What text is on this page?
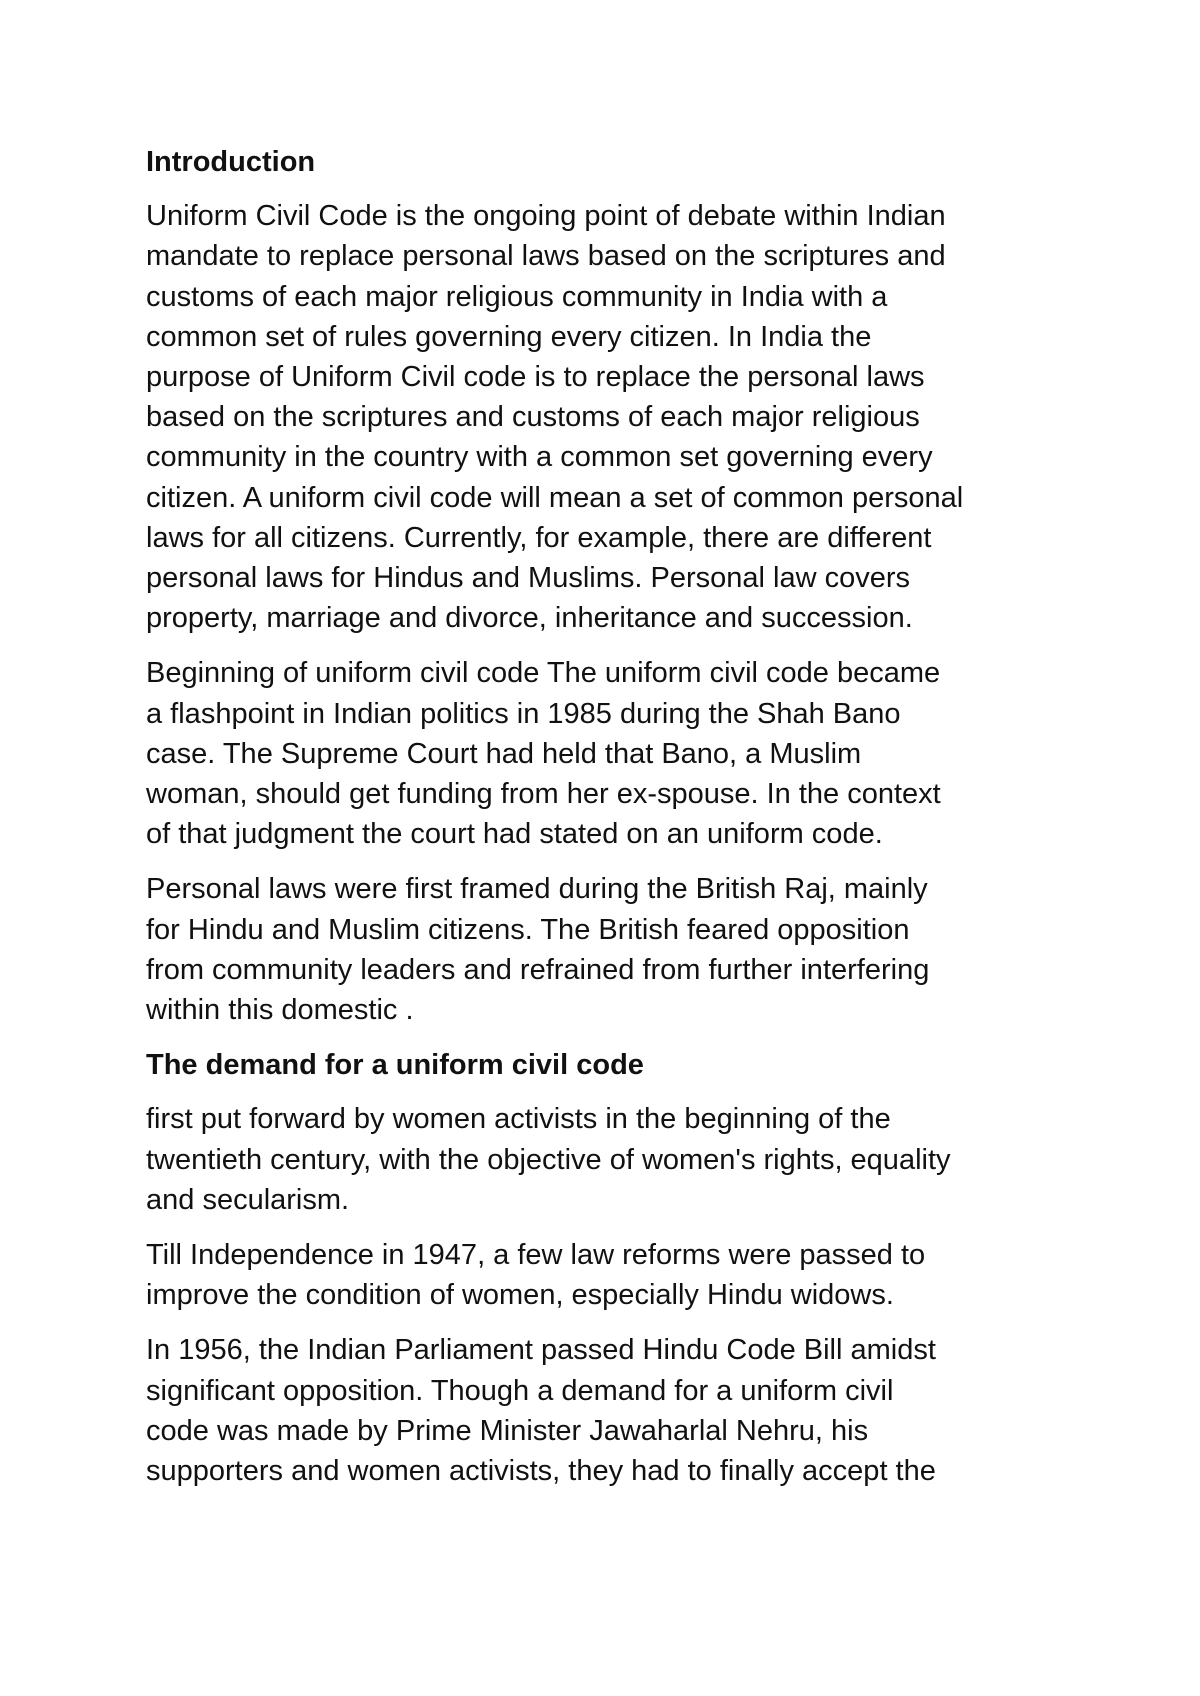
Introduction

Uniform Civil Code is the ongoing point of debate within Indian
mandate to replace personal laws based on the scriptures and
customs of each major religious community in India with a
common set of rules governing every citizen. In India the
purpose of Uniform Civil code is to replace the personal laws
based on the scriptures and customs of each major religious
community in the country with a common set governing every
citizen. A uniform civil code will mean a set of common personal
laws for all citizens. Currently, for example, there are different
personal laws for Hindus and Muslims. Personal law covers
property, marriage and divorce, inheritance and succession.

Beginning of uniform civil code The uniform civil code became
a flashpoint in Indian politics in 1985 during the Shah Bano
case. The Supreme Court had held that Bano, a Muslim
woman, should get funding from her ex-spouse. In the context
of that judgment the court had stated on an uniform code.

Personal laws were first framed during the British Raj, mainly
for Hindu and Muslim citizens. The British feared opposition
from community leaders and refrained from further interfering
within this domestic .

The demand for a uniform civil code

first put forward by women activists in the beginning of the
twentieth century, with the objective of women's rights, equality
and secularism.

Till Independence in 1947, a few law reforms were passed to
improve the condition of women, especially Hindu widows.

In 1956, the Indian Parliament passed Hindu Code Bill amidst
significant opposition. Though a demand for a uniform civil
code was made by Prime Minister Jawaharlal Nehru, his
supporters and women activists, they had to finally accept the
